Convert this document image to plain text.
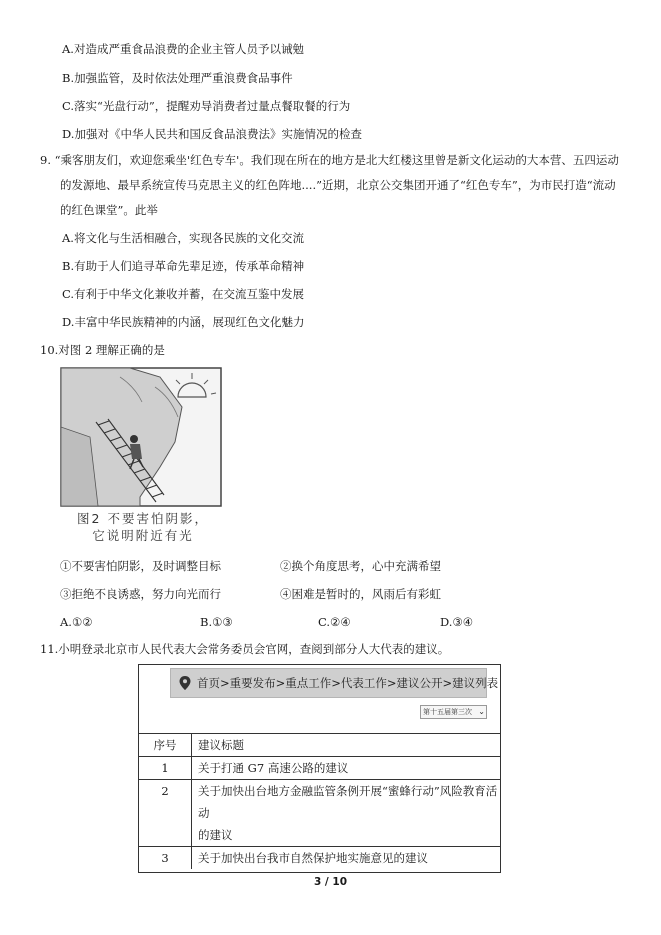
A.对造成严重食品浪费的企业主管人员予以诫勉
B.加强监管，及时依法处理严重浪费食品事件
C.落实“光盘行动”，提醒劝导消费者过量点餐取餐的行为
D.加强对《中华人民共和国反食品浪费法》实施情况的检查
9. “乘客朋友们，欢迎您乘坐'红色专车'。我们现在所在的地方是北大红楼这里曾是新文化运动的大本营、五四运动
的发源地、最早系统宣传马克思主义的红色阵地....”近期，北京公交集团开通了“红色专车”，为市民打造“流动
的红色课堂”。此举
A.将文化与生活相融合，实现各民族的文化交流
B.有助于人们追寻革命先辈足迹，传承革命精神
C.有利于中华文化兼收并蓄，在交流互鉴中发展
D.丰富中华民族精神的内涵，展现红色文化魅力
10.对图 2 理解正确的是
图2 不要害怕阴影，
它说明附近有光
①不要害怕阴影，及时调整目标	②换个角度思考，心中充满希望
③拒绝不良诱惑，努力向光而行	④困难是暂时的，风雨后有彩虹
A.①②	B.①③	C.②④	D.③④
11.小明登录北京市人民代表大会常务委员会官网，查阅到部分人大代表的建议。
首页>重要发布>重点工作>代表工作>建议公开>建议列表
第十五届第三次 ⌄
序号	建议标题
1	关于打通 G7 高速公路的建议
2	关于加快出台地方金融监管条例开展“蜜蜂行动”风险教育活动
的建议
3	关于加快出台我市自然保护地实施意见的建议
3 / 10
